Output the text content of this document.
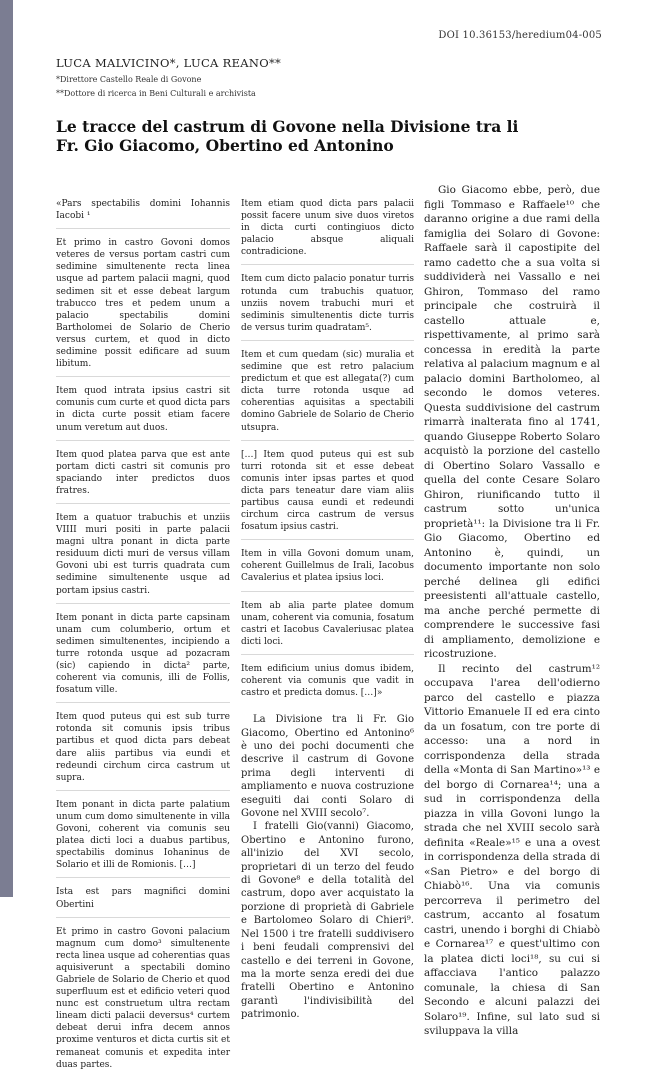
DOI 10.36153/heredium04-005
LUCA MALVICINO*, LUCA REANO**
*Direttore Castello Reale di Govone
**Dottore di ricerca in Beni Culturali e archivista
Le tracce del castrum di Govone nella Divisione tra li Fr. Gio Giacomo, Obertino ed Antonino

«Pars spectabilis domini Iohannis Iacobi ¹

Et primo in castro Govoni domos veteres de versus portam castri cum sedimine simultenente recta linea usque ad partem palacii magni, quod sedimen sit et esse debeat largum trabucco tres et pedem unum a palacio spectabilis domini Bartholomei de Solario de Cherio versus curtem, et quod in dicto sedimine possit edificare ad suum libitum.

Item quod intrata ipsius castri sit comunis cum curte et quod dicta pars in dicta curte possit etiam facere unum veretum aut duos.

Item quod platea parva que est ante portam dicti castri sit comunis pro spaciando inter predictos duos fratres.

Item a quatuor trabuchis et unziis VIIII muri positi in parte palacii magni ultra ponant in dicta parte residuum dicti muri de versus villam Govoni ubi est turris quadrata cum sedimine simultenente usque ad portam ipsius castri.

Item ponant in dicta parte capsinam unam cum columberio, ortum et sedimen simultenentes, incipiendo a turre rotonda usque ad pozacram (sic) capiendo in dicta² parte, coherent via comunis, illi de Follis, fosatum ville.

Item quod puteus qui est sub turre rotonda sit comunis ipsis tribus partibus et quod dicta pars debeat dare aliis partibus via eundi et redeundi circhum circa castrum ut supra.

Item ponant in dicta parte palatium unum cum domo simultenente in villa Govoni, coherent via comunis seu platea dicti loci a duabus partibus, spectabilis dominus Iohaninus de Solario et illi de Romionis. […]

Ista est pars magnifici domini Obertini

Et primo in castro Govoni palacium magnum cum domo³ simultenente recta linea usque ad coherentias quas aquisiverunt a spectabili domino Gabriele de Solario de Cherio et quod superfluum est et edificio veteri quod nunc est construetum ultra rectam lineam dicti palacii deversus⁴ curtem debeat derui infra decem annos proxime venturos et dicta curtis sit et remaneat comunis et expedita inter duas partes.

Item etiam quod dicta pars palacii possit facere unum sive duos viretos in dicta curti contingiuos dicto palacio absque aliquali contradicione.

Item cum dicto palacio ponatur turris rotunda cum trabuchis quatuor, unziis novem trabuchi muri et sediminis simultenentis dicte turris de versus turim quadratam⁵.

Item et cum quedam (sic) muralia et sedimine que est retro palacium predictum et que est allegata(?) cum dicta turre rotonda usque ad coherentias aquisitas a spectabili domino Gabriele de Solario de Cherio utsupra.

[…] Item quod puteus qui est sub turri rotonda sit et esse debeat comunis inter ipsas partes et quod dicta pars teneatur dare viam aliis partibus causa eundi et redeundi circhum circa castrum de versus fosatum ipsius castri.

Item in villa Govoni domum unam, coherent Guillelmus de Irali, Iacobus Cavalerius et platea ipsius loci.

Item ab alia parte platee domum unam, coherent via comunia, fosatum castri et Iacobus Cavaleriusac platea dicti loci.

Item edificium unius domus ibidem, coherent via comunis que vadit in castro et predicta domus. […]»

La Divisione tra li Fr. Gio Giacomo, Obertino ed Antonino⁶ è uno dei pochi documenti che descrive il castrum di Govone prima degli interventi di ampliamento e nuova costruzione eseguiti dai conti Solaro di Govone nel XVIII secolo⁷.

I fratelli Gio(vanni) Giacomo, Obertino e Antonino furono, all'inizio del XVI secolo, proprietari di un terzo del feudo di Govone⁸ e della totalità del castrum, dopo aver acquistato la porzione di proprietà di Gabriele e Bartolomeo Solaro di Chieri⁹. Nel 1500 i tre fratelli suddivisero i beni feudali comprensivi del castello e dei terreni in Govone, ma la morte senza eredi dei due fratelli Obertino e Antonino garantì l'indivisibilità del patrimonio.

Gio Giacomo ebbe, però, due figli Tommaso e Raffaele¹⁰ che daranno origine a due rami della famiglia dei Solaro di Govone: Raffaele sarà il capostipite del ramo cadetto che a sua volta si suddividerà nei Vassallo e nei Ghiron, Tommaso del ramo principale che costruirà il castello attuale e, rispettivamente, al primo sarà concessa in eredità la parte relativa al palacium magnum e al palacio domini Bartholomeo, al secondo le domos veteres. Questa suddivisione del castrum rimarrà inalterata fino al 1741, quando Giuseppe Roberto Solaro acquistò la porzione del castello di Obertino Solaro Vassallo e quella del conte Cesare Solaro Ghiron, riunificando tutto il castrum sotto un'unica proprietà¹¹: la Divisione tra li Fr. Gio Giacomo, Obertino ed Antonino è, quindi, un documento importante non solo perché delinea gli edifici preesistenti all'attuale castello, ma anche perché permette di comprendere le successive fasi di ampliamento, demolizione e ricostruzione.

Il recinto del castrum¹² occupava l'area dell'odierno parco del castello e piazza Vittorio Emanuele II ed era cinto da un fosatum, con tre porte di accesso: una a nord in corrispondenza della strada della «Monta di San Martino»¹³ e del borgo di Cornarea¹⁴; una a sud in corrispondenza della piazza in villa Govoni lungo la strada che nel XVIII secolo sarà definita «Reale»¹⁵ e una a ovest in corrispondenza della strada di «San Pietro» e del borgo di Chiabò¹⁶. Una via comunis percorreva il perimetro del castrum, accanto al fosatum castri, unendo i borghi di Chiabò e Cornarea¹⁷ e quest'ultimo con la platea dicti loci¹⁸, su cui si affacciava l'antico palazzo comunale, la chiesa di San Secondo e alcuni palazzi dei Solaro¹⁹. Infine, sul lato sud si sviluppava la villa
